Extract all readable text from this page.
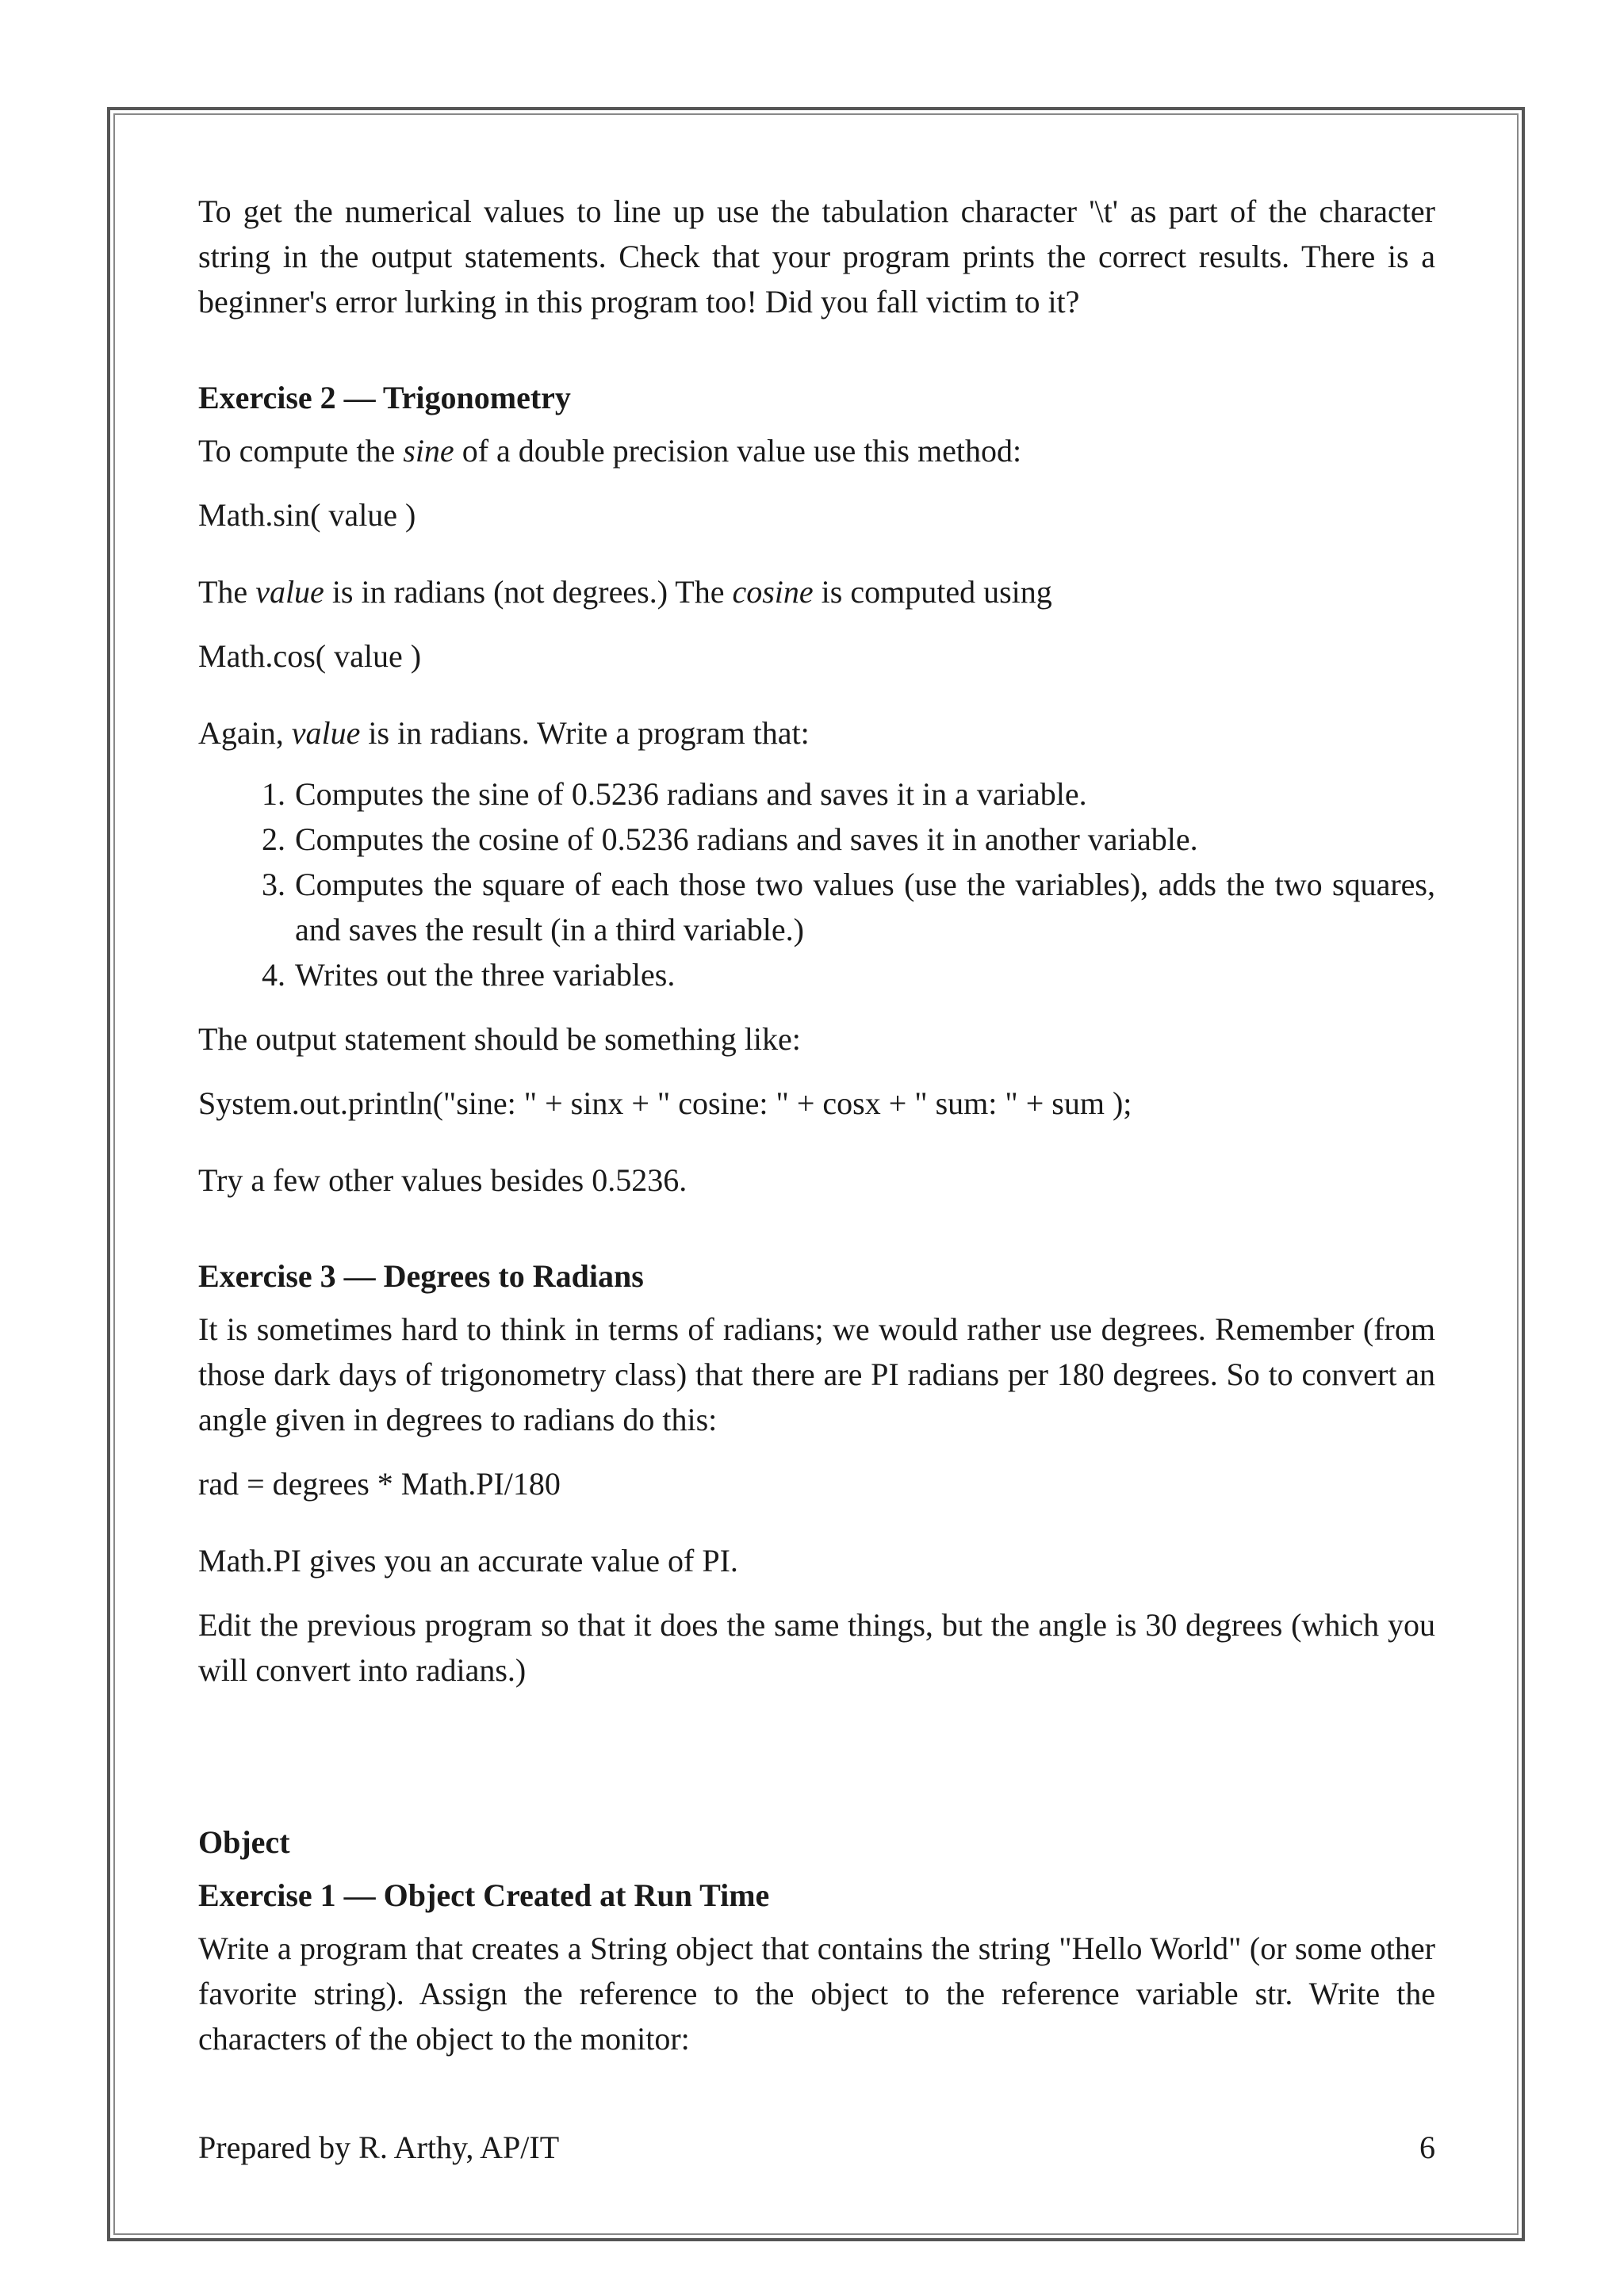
To get the numerical values to line up use the tabulation character '\t' as part of the character string in the output statements. Check that your program prints the correct results. There is a beginner's error lurking in this program too! Did you fall victim to it?

Exercise 2 — Trigonometry

To compute the sine of a double precision value use this method:

Math.sin( value )

The value is in radians (not degrees.) The cosine is computed using

Math.cos( value )

Again, value is in radians. Write a program that:

1. Computes the sine of 0.5236 radians and saves it in a variable.
2. Computes the cosine of 0.5236 radians and saves it in another variable.
3. Computes the square of each those two values (use the variables), adds the two squares, and saves the result (in a third variable.)
4. Writes out the three variables.

The output statement should be something like:

System.out.println("sine: " + sinx + " cosine: " + cosx + " sum: " + sum );

Try a few other values besides 0.5236.

Exercise 3 — Degrees to Radians

It is sometimes hard to think in terms of radians; we would rather use degrees. Remember (from those dark days of trigonometry class) that there are PI radians per 180 degrees. So to convert an angle given in degrees to radians do this:

rad = degrees * Math.PI/180

Math.PI gives you an accurate value of PI.

Edit the previous program so that it does the same things, but the angle is 30 degrees (which you will convert into radians.)

Object

Exercise 1 — Object Created at Run Time

Write a program that creates a String object that contains the string "Hello World" (or some other favorite string). Assign the reference to the object to the reference variable str. Write the characters of the object to the monitor:

Prepared by R. Arthy, AP/IT	6
